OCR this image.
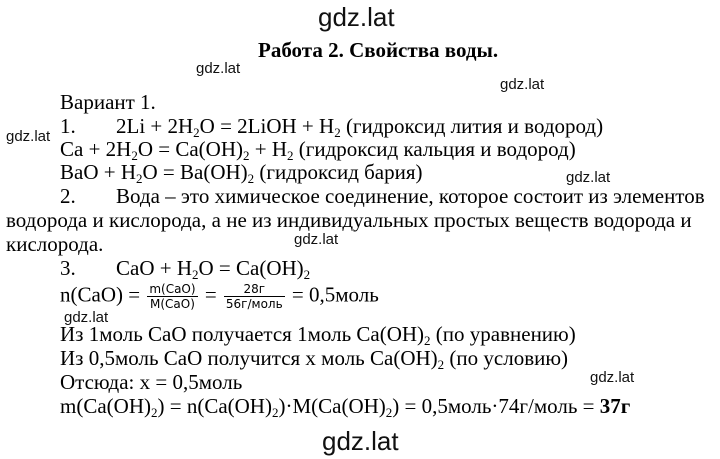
gdz.lat
gdz.lat
gdz.lat
gdz.lat
gdz.lat
gdz.lat
gdz.lat
gdz.lat
gdz.lat
Работа 2. Свойства воды.
Вариант 1.
1. $2Li + 2H_2O$ = 2LiOH + $H_2$ (гидроксид лития и водород)
$Ca + 2H_2O = Ca(OH)_2 + H_2$ (гидроксид кальция и водород)
BaO + $H_2O = Ba(OH)_2$ (гидроксид бария)
2. Вода – это химическое соединение, которое состоит из элементов
водорода и кислорода, а не из индивидуальных простых веществ водорода и
кислорода.
3. CaO + $H_2O = Ca(OH)_2$
$n(CaO) = \frac{\text{m(CaO)}}{\text{M(CaO)}} = \frac{28г}{\text{56г/моль}}$ = 0,5моль
Из 1моль CaO получается 1моль $Ca(OH)_2$ (по уравнению)
Из 0,5моль CaO получится х моль $Ca(OH)_2$ (по условию)
Отсюда: х = 0,5моль
$m(Ca(OH)_2) = n(Ca(OH)_2)\cdot M(Ca(OH)_2)$ = 0,5моль·74г/моль = 37г
